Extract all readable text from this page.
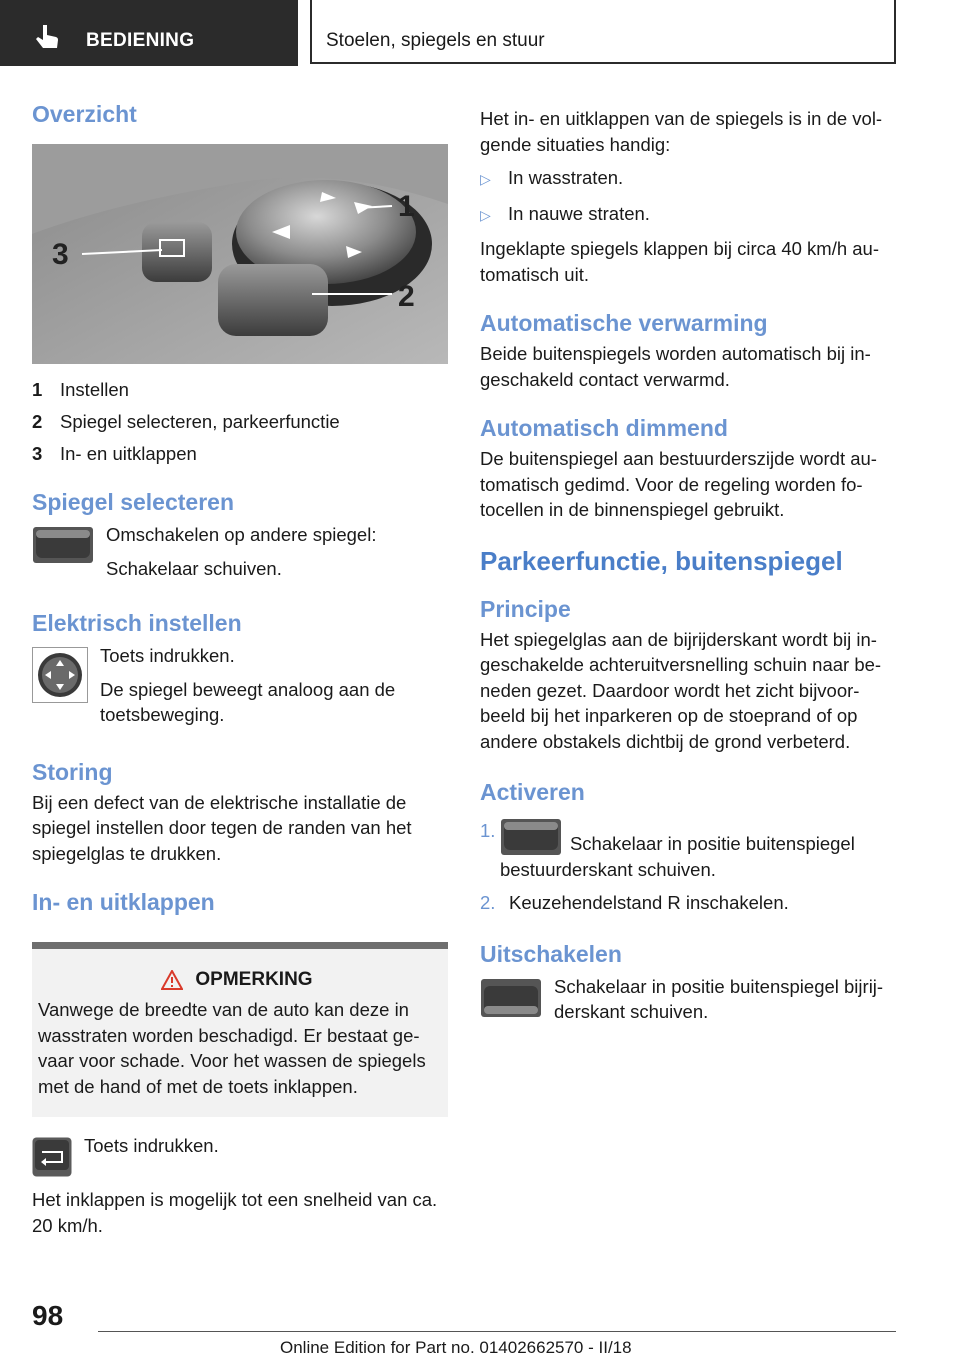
BEDIENING	Stoelen, spiegels en stuur
Overzicht
1
2
3
1 Instellen
2 Spiegel selecteren, parkeerfunctie
3 In- en uitklappen
Spiegel selecteren

Omschakelen op andere spiegel:

Schakelaar schuiven.

Elektrisch instellen

Toets indrukken.

De spiegel beweegt analoog aan de toetsbeweging.

Storing

Bij een defect van de elektrische installatie de spiegel instellen door tegen de randen van het spiegelglas te drukken.

In- en uitklappen
OPMERKING

Vanwege de breedte van de auto kan deze in wasstraten worden beschadigd. Er bestaat ge-vaar voor schade. Voor het wassen de spiegels met de hand of met de toets inklappen.

Toets indrukken.

Het inklappen is mogelijk tot een snelheid van ca. 20 km/h.

Het in- en uitklappen van de spiegels is in de vol-gende situaties handig:

▷ In wasstraten.
▷ In nauwe straten.

Ingeklapte spiegels klappen bij circa 40 km/h au-tomatisch uit.

Automatische verwarming

Beide buitenspiegels worden automatisch bij in-geschakeld contact verwarmd.

Automatisch dimmend

De buitenspiegel aan bestuurderszijde wordt au-tomatisch gedimd. Voor de regeling worden fo-tocellen in de binnenspiegel gebruikt.

Parkeerfunctie, buitenspiegel
Principe

Het spiegelglas aan de bijrijderskant wordt bij in-geschakelde achteruitversnelling schuin naar be-neden gezet. Daardoor wordt het zicht bijvoor-beeld bij het inparkeren op de stoeprand of op andere obstakels dichtbij de grond verbeterd.

Activeren
1.
Schakelaar in positie buitenspiegel bestuurderskant schuiven.
2. Keuzehendelstand R inschakelen.
Uitschakelen

Schakelaar in positie buitenspiegel bijrij-derskant schuiven.

98
Online Edition for Part no. 01402662570 - II/18
